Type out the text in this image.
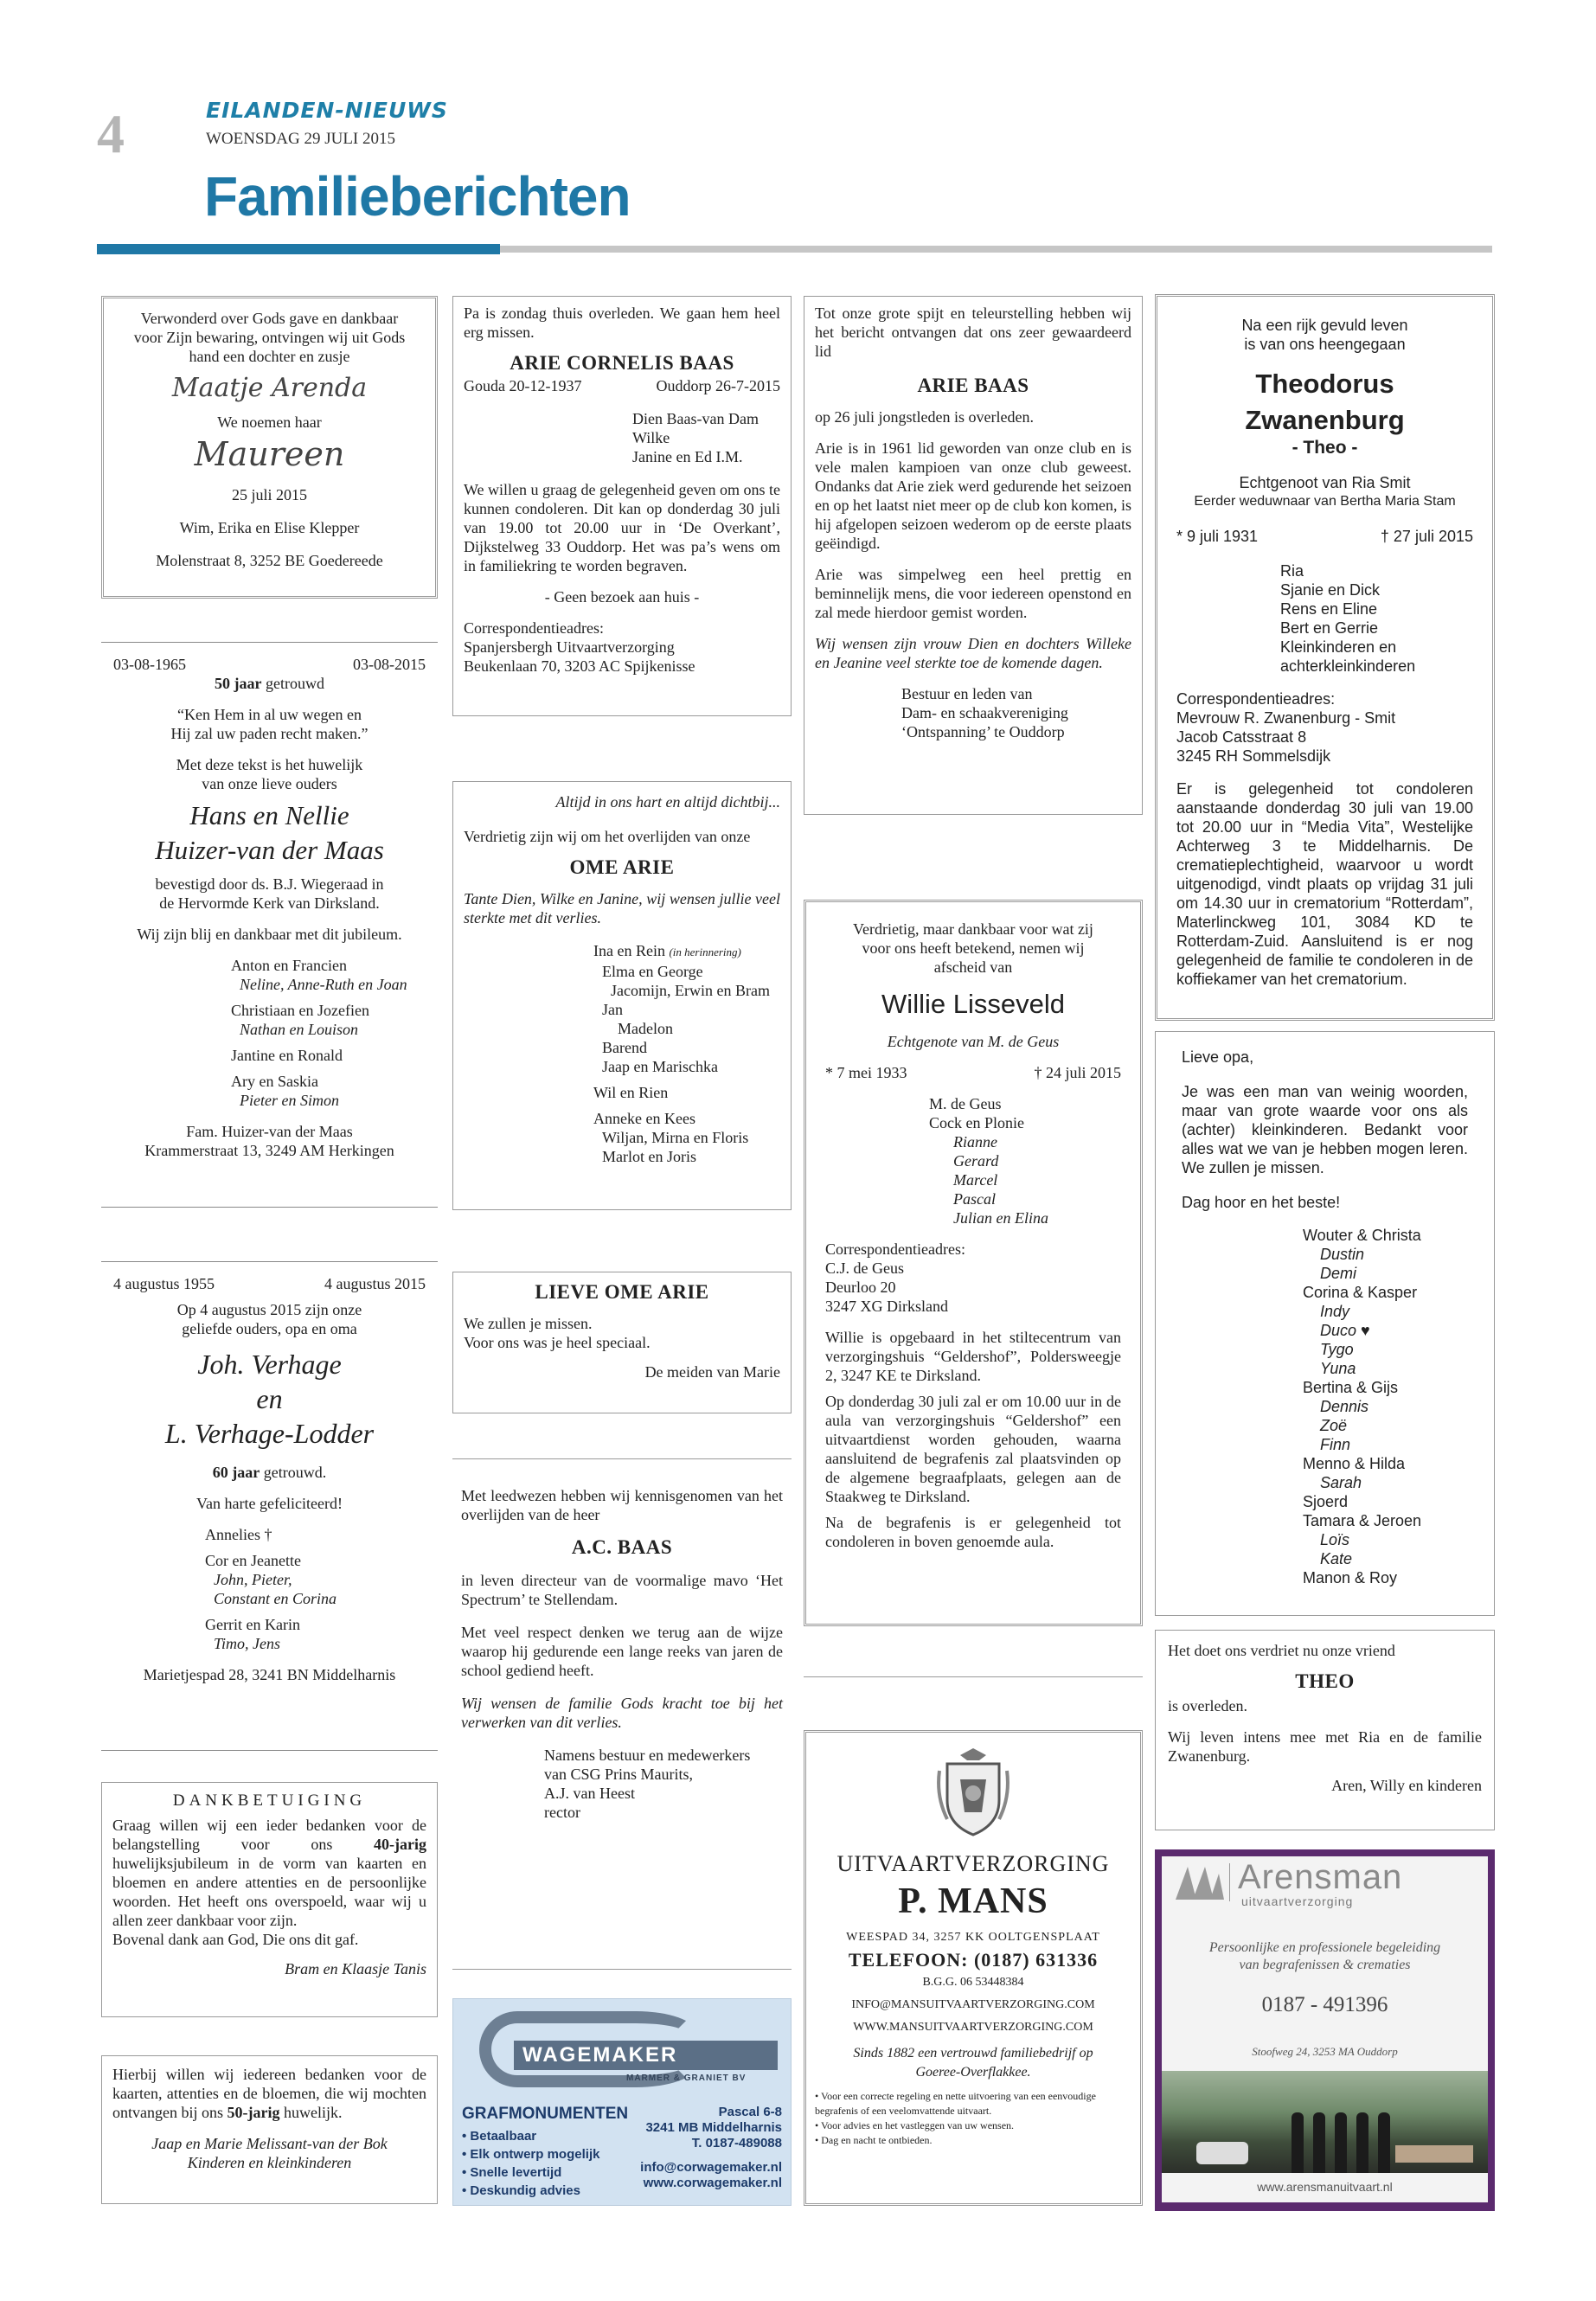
4	EILANDEN-NIEUWS
WOENSDAG 29 JULI 2015
Familieberichten

Verwonderd over Gods gave en dankbaar

voor Zijn bewaring, ontvingen wij uit Gods

hand een dochter en zusje

Maatje Arenda

We noemen haar

Maureen

25 juli 2015

Wim, Erika en Elise Klepper

Molenstraat 8, 3252 BE Goedereede

03-08-1965	03-08-2015

50 jaar getrouwd

“Ken Hem in al uw wegen en

Hij zal uw paden recht maken.”

Met deze tekst is het huwelijk

van onze lieve ouders

Hans en Nellie

Huizer-van der Maas

bevestigd door ds. B.J. Wiegeraad in

de Hervormde Kerk van Dirksland.

Wij zijn blij en dankbaar met dit jubileum.

Anton en Francien

Neline, Anne-Ruth en Joan

Christiaan en Jozefien

Nathan en Louison

Jantine en Ronald

Ary en Saskia

Pieter en Simon

Fam. Huizer-van der Maas

Krammerstraat 13, 3249 AM Herkingen

4 augustus 1955	4 augustus 2015

Op 4 augustus 2015 zijn onze

geliefde ouders, opa en oma

Joh. Verhage

en

L. Verhage-Lodder

60 jaar getrouwd.

Van harte gefeliciteerd!

Annelies †

Cor en Jeanette

John, Pieter,

Constant en Corina

Gerrit en Karin

Timo, Jens

Marietjespad 28, 3241 BN Middelharnis

DANKBETUIGING

Graag willen wij een ieder bedanken voor de belangstelling voor ons	40-jarig huwelijksjubileum in de vorm van kaarten en bloemen en andere attenties en de persoonlijke woorden. Het heeft ons overspoeld, waar wij u allen zeer dankbaar voor zijn.

Bovenal dank aan God, Die ons dit gaf.

Bram en Klaasje Tanis

Hierbij willen wij iedereen bedanken voor de kaarten, attenties en de bloemen, die wij mochten ontvangen bij ons 50-jarig huwelijk.

Jaap en Marie Melissant-van der Bok

Kinderen en kleinkinderen

Pa is zondag thuis overleden. We gaan hem heel erg missen.

ARIE CORNELIS BAAS

Gouda 20-12-1937	Ouddorp 26-7-2015

Dien Baas-van Dam

Wilke

Janine en Ed I.M.

We willen u graag de gelegenheid geven om ons te kunnen condoleren. Dit kan op donderdag 30 juli van 19.00 tot 20.00 uur in ‘De Overkant’, Dijkstelweg 33 Ouddorp. Het was pa’s wens om in familiekring te worden begraven.

- Geen bezoek aan huis -

Correspondentieadres:

Spanjersbergh Uitvaartverzorging

Beukenlaan 70, 3203 AC Spijkenisse

Altijd in ons hart en altijd dichtbij...

Verdrietig zijn wij om het overlijden van onze

OME ARIE

Tante Dien, Wilke en Janine, wij wensen jullie veel sterkte met dit verlies.

Ina en Rein (in herinnering)

Elma en George

Jacomijn, Erwin en Bram

Jan

Madelon

Barend

Jaap en Marischka

Wil en Rien

Anneke en Kees

Wiljan, Mirna en Floris

Marlot en Joris

LIEVE OME ARIE

We zullen je missen.

Voor ons was je heel speciaal.

De meiden van Marie

Met leedwezen hebben wij kennisgenomen van het overlijden van de heer

A.C. BAAS

in leven directeur van de voormalige mavo ‘Het Spectrum’ te Stellendam.

Met veel respect denken we terug aan de wijze waarop hij gedurende een lange reeks van jaren de school gediend heeft.

Wij wensen de familie Gods kracht toe bij het verwerken van dit verlies.

Namens bestuur en medewerkers

van CSG Prins Maurits,

A.J. van Heest

rector

WAGEMAKER
MARMER & GRANIET BV
GRAFMONUMENTEN

• Betaalbaar

• Elk ontwerp mogelijk

• Snelle levertijd

• Deskundig advies

Pascal 6-8

3241 MB Middelharnis

T. 0187-489088

info@corwagemaker.nl

www.corwagemaker.nl

Tot onze grote spijt en teleurstelling hebben wij het bericht ontvangen dat ons zeer gewaardeerd lid

ARIE BAAS

op 26 juli jongstleden is overleden.

Arie is in 1961 lid geworden van onze club en is vele malen kampioen van onze club geweest. Ondanks dat Arie ziek werd gedurende het seizoen en op het laatst niet meer op de club kon komen, is hij afgelopen seizoen wederom op de eerste plaats geëindigd.

Arie was simpelweg een heel prettig en beminnelijk mens, die voor iedereen openstond en zal mede hierdoor gemist worden.

Wij wensen zijn vrouw Dien en dochters Willeke en Jeanine veel sterkte toe de komende dagen.

Bestuur en leden van

Dam- en schaakvereniging

‘Ontspanning’ te Ouddorp

Verdrietig, maar dankbaar voor wat zij

voor ons heeft betekend, nemen wij

afscheid van

Willie Lisseveld

Echtgenote van M. de Geus

* 7 mei 1933	† 24 juli 2015

M. de Geus

Cock en Plonie

Rianne

Gerard

Marcel

Pascal

Julian en Elina

Correspondentieadres:

C.J. de Geus

Deurloo 20

3247 XG Dirksland

Willie is opgebaard in het stiltecentrum van verzorgingshuis “Geldershof”, Poldersweegje 2, 3247 KE te Dirksland.

Op donderdag 30 juli zal er om 10.00 uur in de aula van verzorgingshuis “Geldershof” een uitvaartdienst worden gehouden, waarna aansluitend de begrafenis zal plaatsvinden op de algemene begraafplaats, gelegen aan de Staakweg te Dirksland.

Na de begrafenis is er gelegenheid tot condoleren in boven genoemde aula.

UITVAARTVERZORGING

P. MANS

WEESPAD 34, 3257 KK OOLTGENSPLAAT

TELEFOON: (0187) 631336

B.G.G. 06 53448384

INFO@MANSUITVAARTVERZORGING.COM

WWW.MANSUITVAARTVERZORGING.COM

Sinds 1882 een vertrouwd familiebedrijf op

Goeree-Overflakkee.

• Voor een correcte regeling en nette uitvoering van een eenvoudige begrafenis of een veelomvattende uitvaart.

• Voor advies en het vastleggen van uw wensen.

• Dag en nacht te ontbieden.

Na een rijk gevuld leven

is van ons heengegaan

Theodorus Zwanenburg

- Theo -

Echtgenoot van Ria Smit

Eerder weduwnaar van Bertha Maria Stam

* 9 juli 1931	† 27 juli 2015

Ria

Sjanie en Dick

Rens en Eline

Bert en Gerrie

Kleinkinderen en

achterkleinkinderen

Correspondentieadres:

Mevrouw R. Zwanenburg - Smit

Jacob Catsstraat 8

3245 RH Sommelsdijk

Er is gelegenheid tot condoleren aanstaande donderdag 30 juli van 19.00 tot 20.00 uur in “Media Vita”, Westelijke Achterweg 3 te Middelharnis. De crematieplechtigheid, waarvoor u wordt uitgenodigd, vindt plaats op vrijdag 31 juli om 14.30 uur in crematorium “Rotterdam”, Materlinckweg 101, 3084 KD te Rotterdam-Zuid. Aansluitend is er nog gelegenheid de familie te condoleren in de koffiekamer van het crematorium.

Lieve opa,

Je was een man van weinig woorden, maar van grote waarde voor ons als (achter) kleinkinderen. Bedankt voor alles wat we van je hebben mogen leren. We zullen je missen.

Dag hoor en het beste!

Wouter & Christa

Dustin

Demi

Corina & Kasper

Indy

Duco ♥

Tygo

Yuna

Bertina & Gijs

Dennis

Zoë

Finn

Menno & Hilda

Sarah

Sjoerd

Tamara & Jeroen

Loïs

Kate

Manon & Roy

Het doet ons verdriet nu onze vriend

THEO

is overleden.

Wij leven intens mee met Ria en de familie Zwanenburg.

Aren, Willy en kinderen

Arensman

uitvaartverzorging

Persoonlijke en professionele begeleiding

van begrafenissen & crematies

0187 - 491396

Stoofweg 24, 3253 MA Ouddorp

www.arensmanuitvaart.nl
